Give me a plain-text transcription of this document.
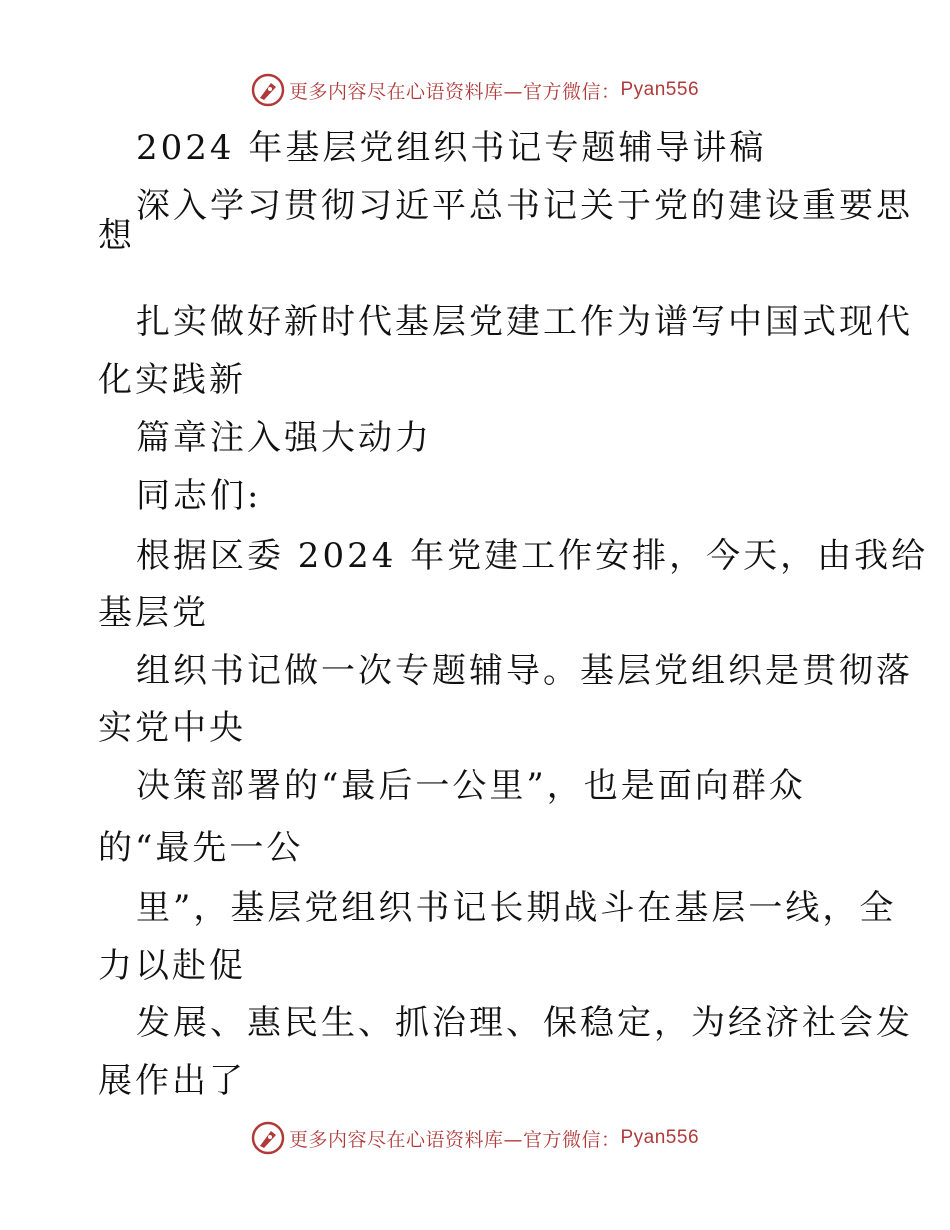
更多内容尽在心语资料库—官方微信： Pyan556
2024 年基层党组织书记专题辅导讲稿
深入学习贯彻习近平总书记关于党的建设重要思
想
扎实做好新时代基层党建工作为谱写中国式现代
化实践新
篇章注入强大动力
同志们:
根据区委 2024 年党建工作安排，今天，由我给
基层党
组织书记做一次专题辅导。基层党组织是贯彻落
实党中央
决策部署的“最后一公里”，也是面向群众
的“最先一公
里”，基层党组织书记长期战斗在基层一线，全
力以赴促
发展、惠民生、抓治理、保稳定，为经济社会发
展作出了
更多内容尽在心语资料库—官方微信： Pyan556
